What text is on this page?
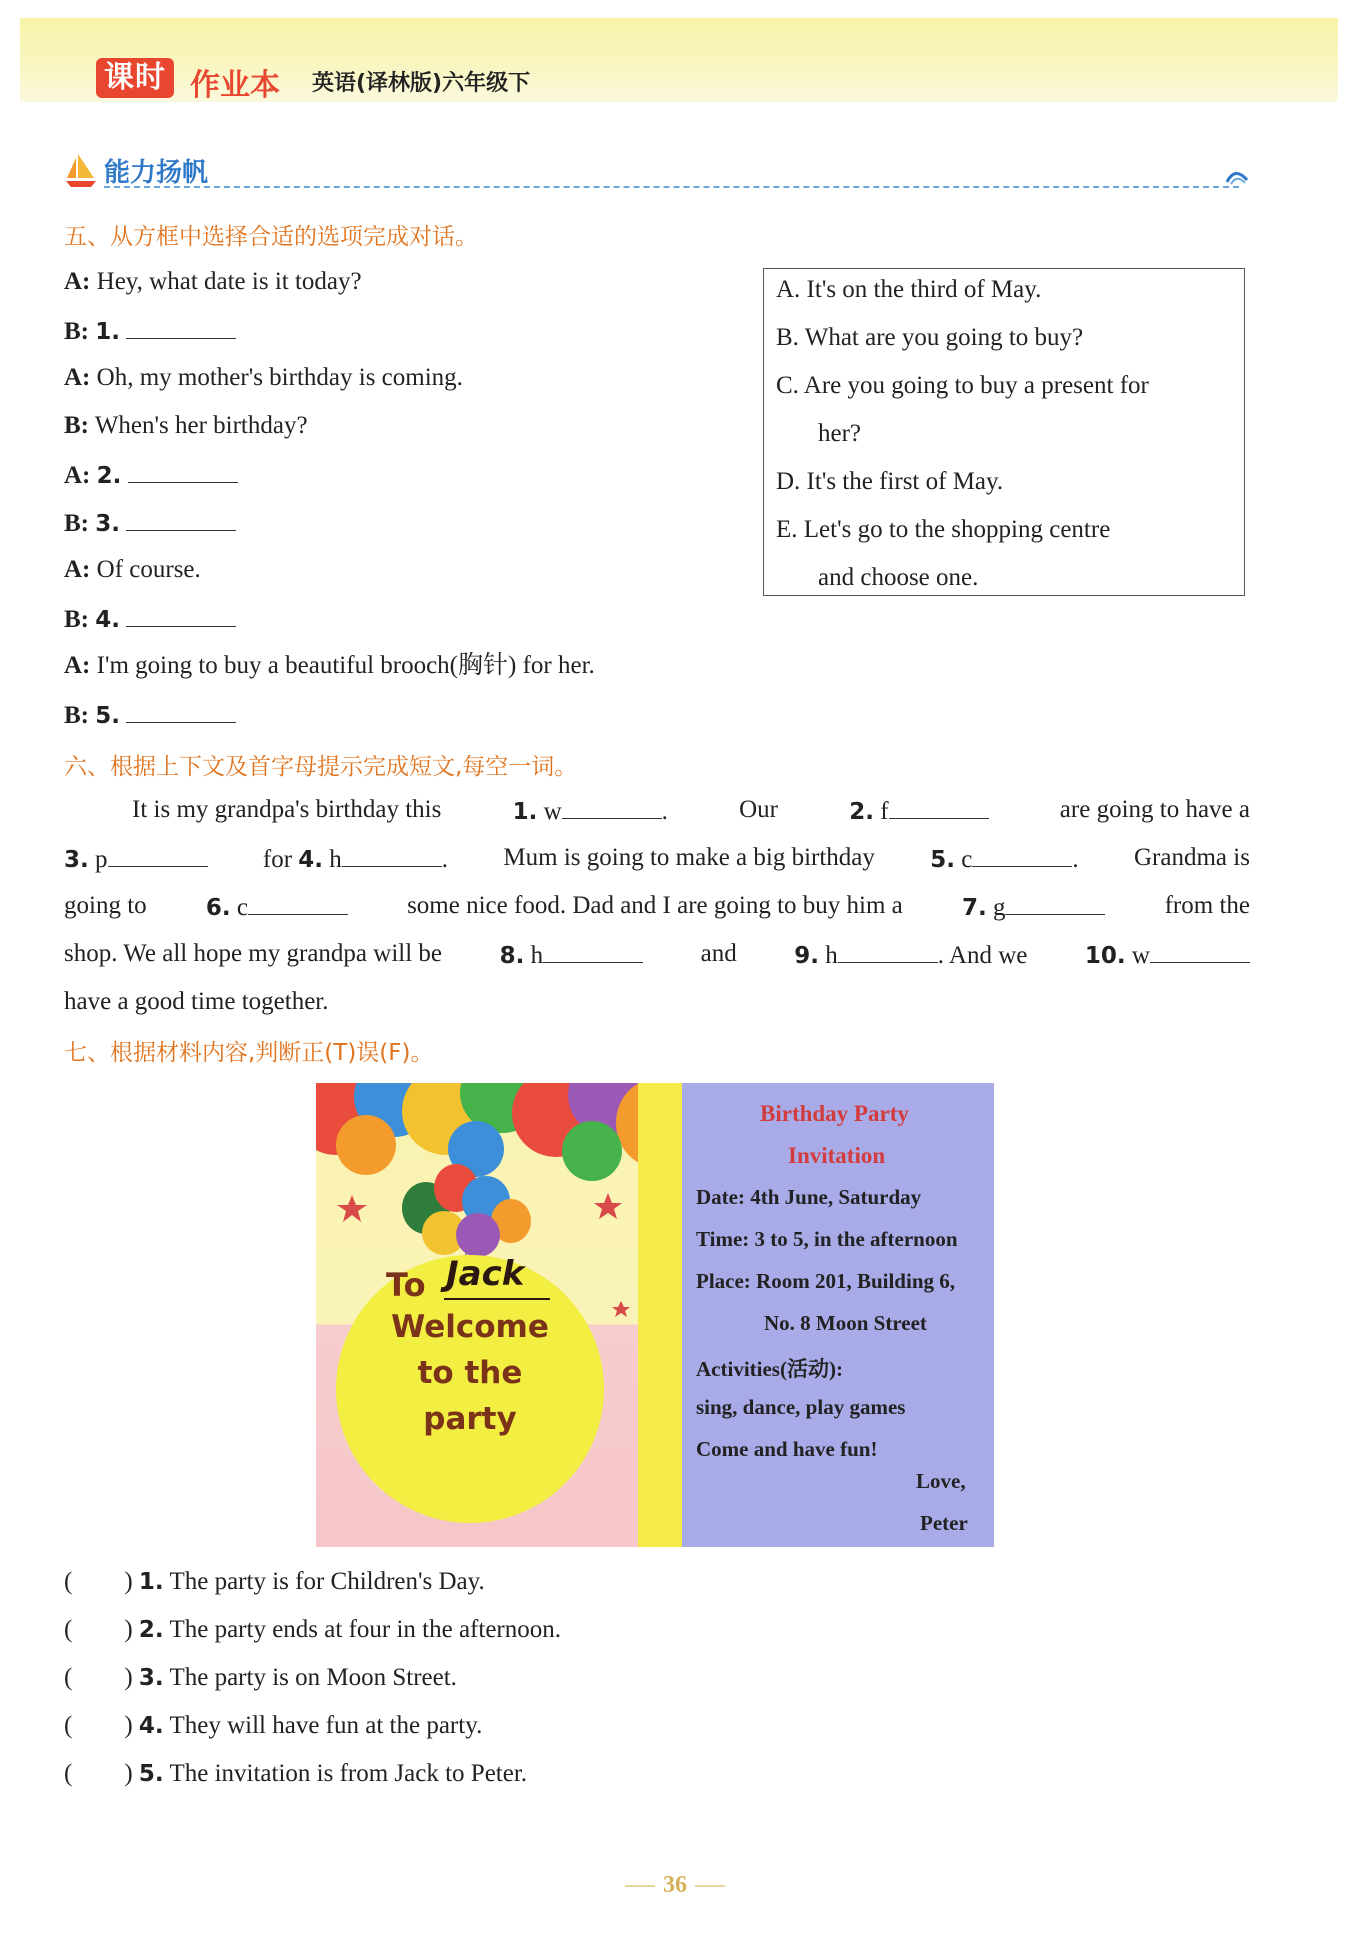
课时 作业本 英语(译林版)六年级下
能力扬帆
五、从方框中选择合适的选项完成对话。
A: Hey, what date is it today?
B: 1.
A: Oh, my mother's birthday is coming.
B: When's her birthday?
A: 2.
B: 3.
A: Of course.
B: 4.
A: I'm going to buy a beautiful brooch(胸针) for her.
B: 5.
A. It's on the third of May.
B. What are you going to buy?
C. Are you going to buy a present for
her?
D. It's the first of May.
E. Let's go to the shopping centre
and choose one.
六、根据上下文及首字母提示完成短文,每空一词。
It is my grandpa's birthday this	1. w	.	Our	2. f	are going to have a
3. p	for 4. h	. Mum is going to make a big birthday 5. c	. Grandma is
going to	6. c	some nice food. Dad and I are going to buy him a	7. g	from the
shop. We all hope my grandpa will be	8. h	and	9. h	. And we	10. w
have a good time together.
七、根据材料内容,判断正(T)误(F)。
To Jack
Welcome
to the
party
Birthday Party
Invitation
Date: 4th June, Saturday
Time: 3 to 5, in the afternoon
Place: Room 201, Building 6,
No. 8 Moon Street
Activities(活动):
sing, dance, play games
Come and have fun!
Love,
Peter
( ) 1. The party is for Children's Day.
( ) 2. The party ends at four in the afternoon.
( ) 3. The party is on Moon Street.
( ) 4. They will have fun at the party.
( ) 5. The invitation is from Jack to Peter.
36
